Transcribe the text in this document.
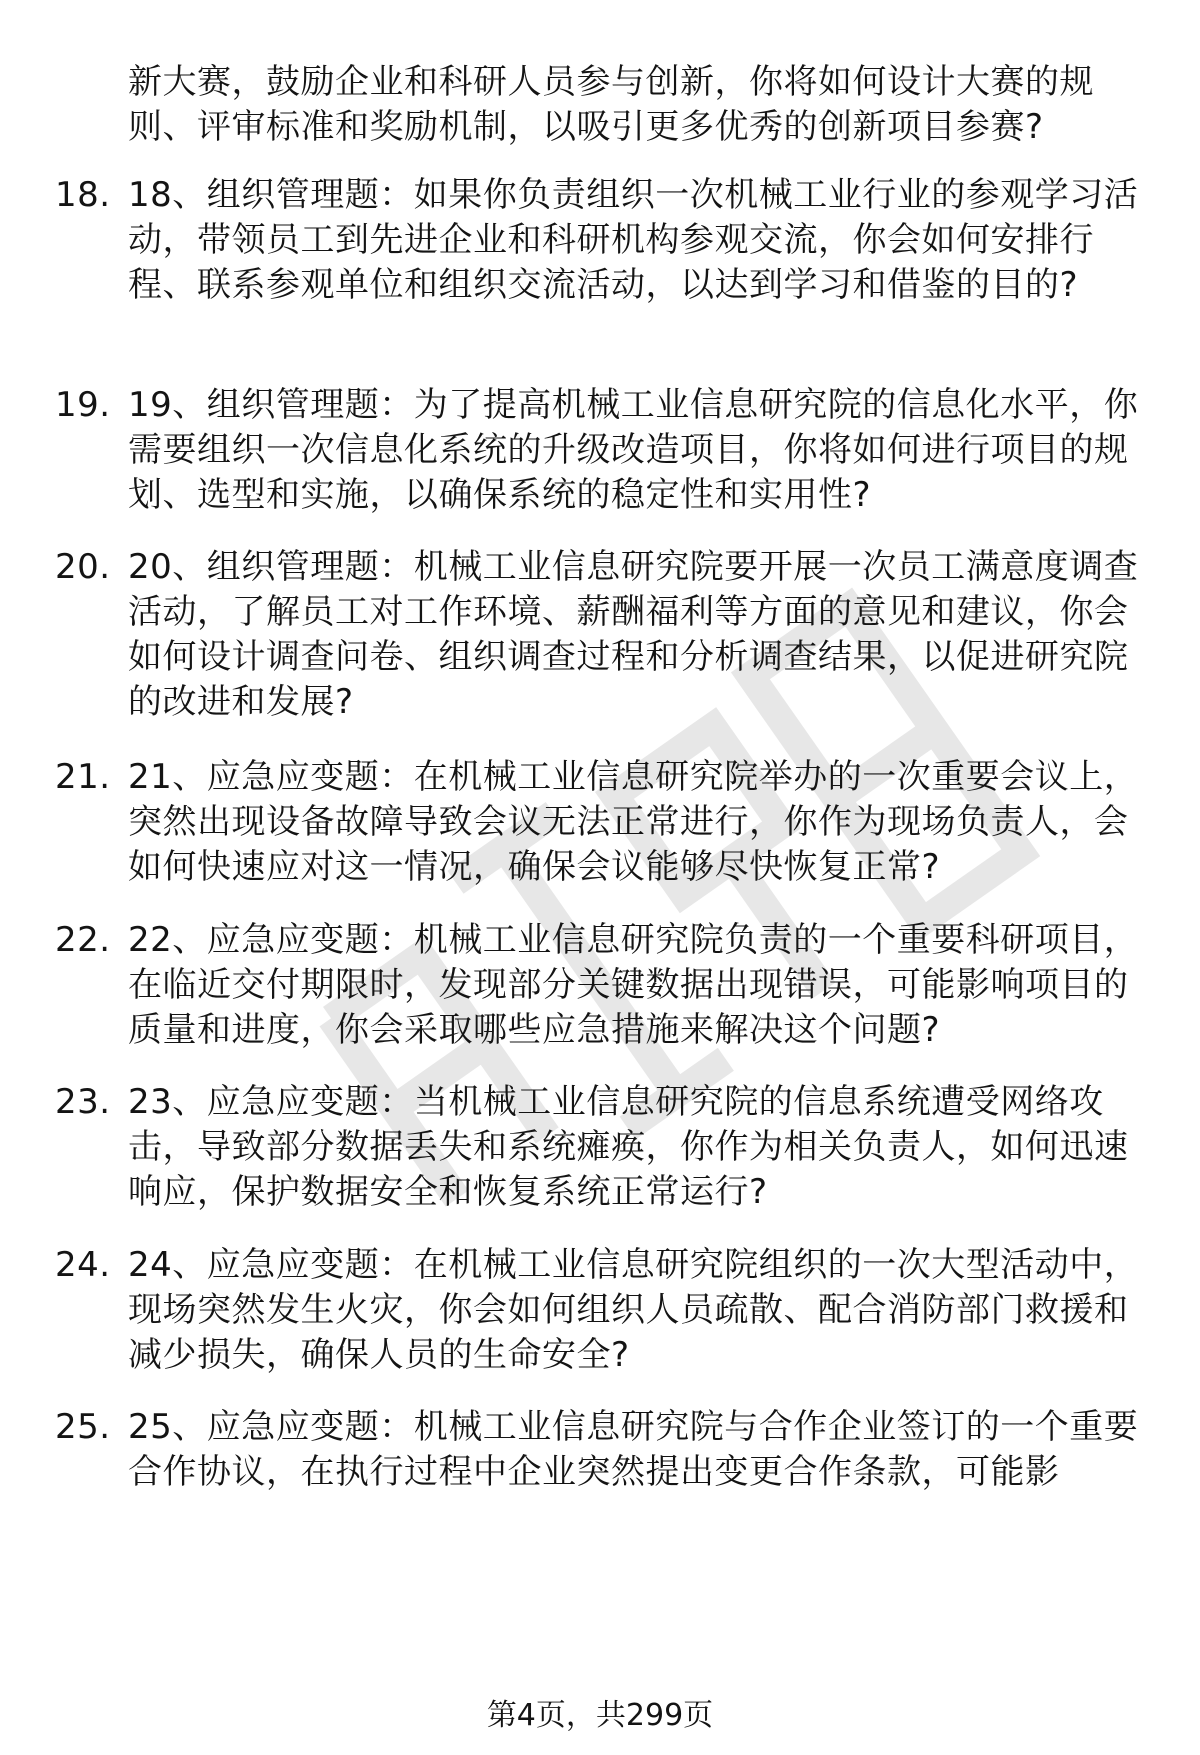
新大赛，鼓励企业和科研人员参与创新，你将如何设计大赛的规则、评审标准和奖励机制，以吸引更多优秀的创新项目参赛?
18. 18、组织管理题：如果你负责组织一次机械工业行业的参观学习活动，带领员工到先进企业和科研机构参观交流，你会如何安排行程、联系参观单位和组织交流活动，以达到学习和借鉴的目的?
19. 19、组织管理题：为了提高机械工业信息研究院的信息化水平，你需要组织一次信息化系统的升级改造项目，你将如何进行项目的规划、选型和实施，以确保系统的稳定性和实用性?
20. 20、组织管理题：机械工业信息研究院要开展一次员工满意度调查活动，了解员工对工作环境、薪酬福利等方面的意见和建议，你会如何设计调查问卷、组织调查过程和分析调查结果，以促进研究院的改进和发展?
21. 21、应急应变题：在机械工业信息研究院举办的一次重要会议上，突然出现设备故障导致会议无法正常进行，你作为现场负责人，会如何快速应对这一情况，确保会议能够尽快恢复正常?
22. 22、应急应变题：机械工业信息研究院负责的一个重要科研项目，在临近交付期限时，发现部分关键数据出现错误，可能影响项目的质量和进度，你会采取哪些应急措施来解决这个问题?
23. 23、应急应变题：当机械工业信息研究院的信息系统遭受网络攻击，导致部分数据丢失和系统瘫痪，你作为相关负责人，如何迅速响应，保护数据安全和恢复系统正常运行?
24. 24、应急应变题：在机械工业信息研究院组织的一次大型活动中，现场突然发生火灾，你会如何组织人员疏散、配合消防部门救援和减少损失，确保人员的生命安全?
25. 25、应急应变题：机械工业信息研究院与合作企业签订的一个重要合作协议，在执行过程中企业突然提出变更合作条款，可能影
第4页，共299页
